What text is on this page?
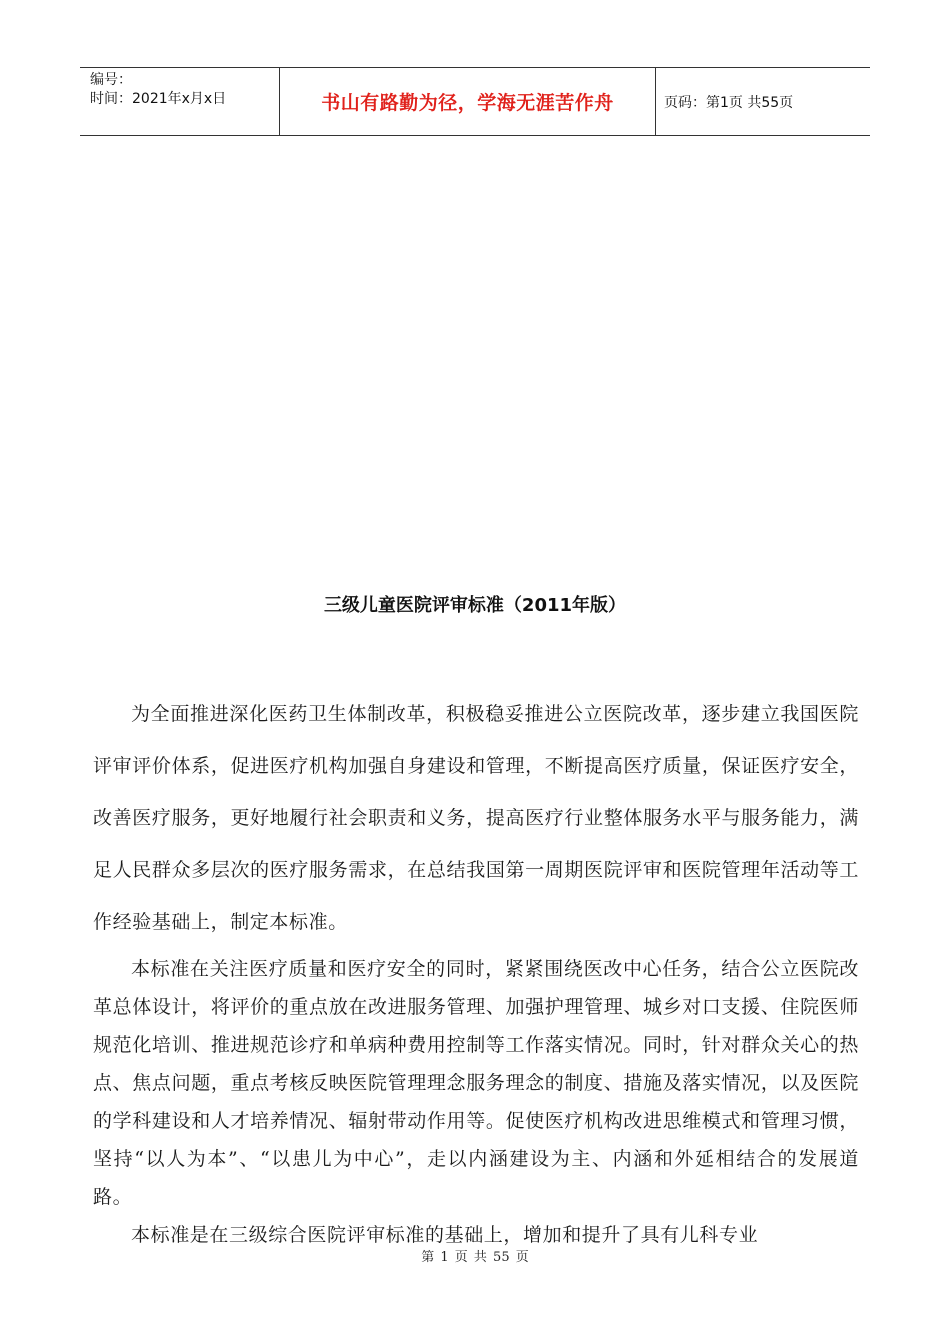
编号：
时间：2021年x月x日	书山有路勤为径，学海无涯苦作舟	页码：第1页 共55页
三级儿童医院评审标准（2011年版）

为全面推进深化医药卫生体制改革，积极稳妥推进公立医院改革，逐步建立我国医院评审评价体系，促进医疗机构加强自身建设和管理，不断提高医疗质量，保证医疗安全，改善医疗服务，更好地履行社会职责和义务，提高医疗行业整体服务水平与服务能力，满足人民群众多层次的医疗服务需求，在总结我国第一周期医院评审和医院管理年活动等工作经验基础上，制定本标准。

本标准在关注医疗质量和医疗安全的同时，紧紧围绕医改中心任务，结合公立医院改革总体设计，将评价的重点放在改进服务管理、加强护理管理、城乡对口支援、住院医师规范化培训、推进规范诊疗和单病种费用控制等工作落实情况。同时，针对群众关心的热点、焦点问题，重点考核反映医院管理理念服务理念的制度、措施及落实情况，以及医院的学科建设和人才培养情况、辐射带动作用等。促使医疗机构改进思维模式和管理习惯，坚持“以人为本”、“以患儿为中心”，走以内涵建设为主、内涵和外延相结合的发展道路。

本标准是在三级综合医院评审标准的基础上，增加和提升了具有儿科专业

第 1 页 共 55 页
